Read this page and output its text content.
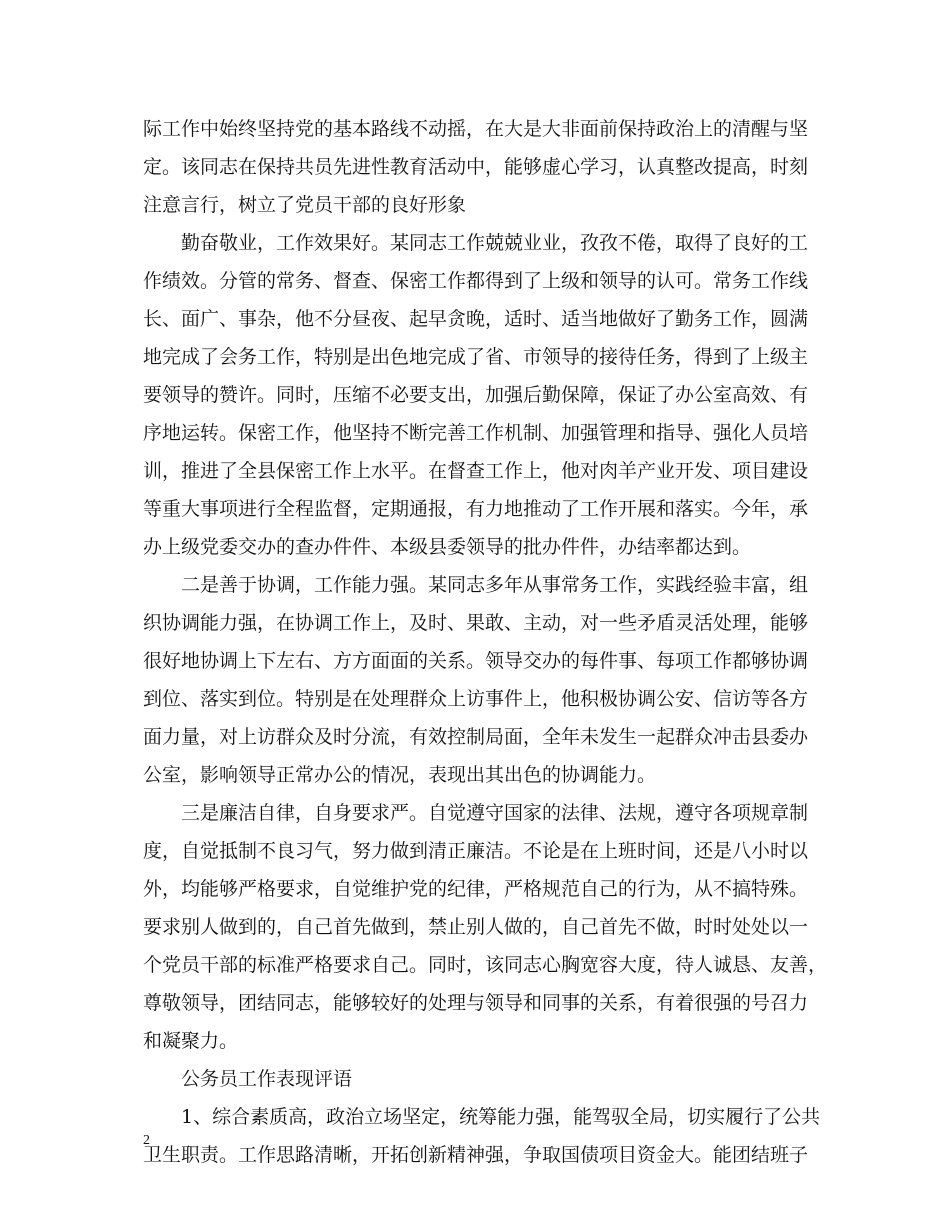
际工作中始终坚持党的基本路线不动摇，在大是大非面前保持政治上的清醒与坚
定。该同志在保持共员先进性教育活动中，能够虚心学习，认真整改提高，时刻
注意言行，树立了党员干部的良好形象
勤奋敬业，工作效果好。某同志工作兢兢业业，孜孜不倦，取得了良好的工
作绩效。分管的常务、督查、保密工作都得到了上级和领导的认可。常务工作线
长、面广、事杂，他不分昼夜、起早贪晚，适时、适当地做好了勤务工作，圆满
地完成了会务工作，特别是出色地完成了省、市领导的接待任务，得到了上级主
要领导的赞许。同时，压缩不必要支出，加强后勤保障，保证了办公室高效、有
序地运转。保密工作，他坚持不断完善工作机制、加强管理和指导、强化人员培
训，推进了全县保密工作上水平。在督查工作上，他对肉羊产业开发、项目建设
等重大事项进行全程监督，定期通报，有力地推动了工作开展和落实。今年，承
办上级党委交办的查办件件、本级县委领导的批办件件，办结率都达到。
二是善于协调，工作能力强。某同志多年从事常务工作，实践经验丰富，组
织协调能力强，在协调工作上，及时、果敢、主动，对一些矛盾灵活处理，能够
很好地协调上下左右、方方面面的关系。领导交办的每件事、每项工作都够协调
到位、落实到位。特别是在处理群众上访事件上，他积极协调公安、信访等各方
面力量，对上访群众及时分流，有效控制局面，全年未发生一起群众冲击县委办
公室，影响领导正常办公的情况，表现出其出色的协调能力。
三是廉洁自律，自身要求严。自觉遵守国家的法律、法规，遵守各项规章制
度，自觉抵制不良习气，努力做到清正廉洁。不论是在上班时间，还是八小时以
外，均能够严格要求，自觉维护党的纪律，严格规范自己的行为，从不搞特殊。
要求别人做到的，自己首先做到，禁止别人做的，自己首先不做，时时处处以一
个党员干部的标准严格要求自己。同时，该同志心胸宽容大度，待人诚恳、友善，
尊敬领导，团结同志，能够较好的处理与领导和同事的关系，有着很强的号召力
和凝聚力。
公务员工作表现评语
1、综合素质高，政治立场坚定，统筹能力强，能驾驭全局，切实履行了公共
卫生职责。工作思路清晰，开拓创新精神强，争取国债项目资金大。能团结班子
2
